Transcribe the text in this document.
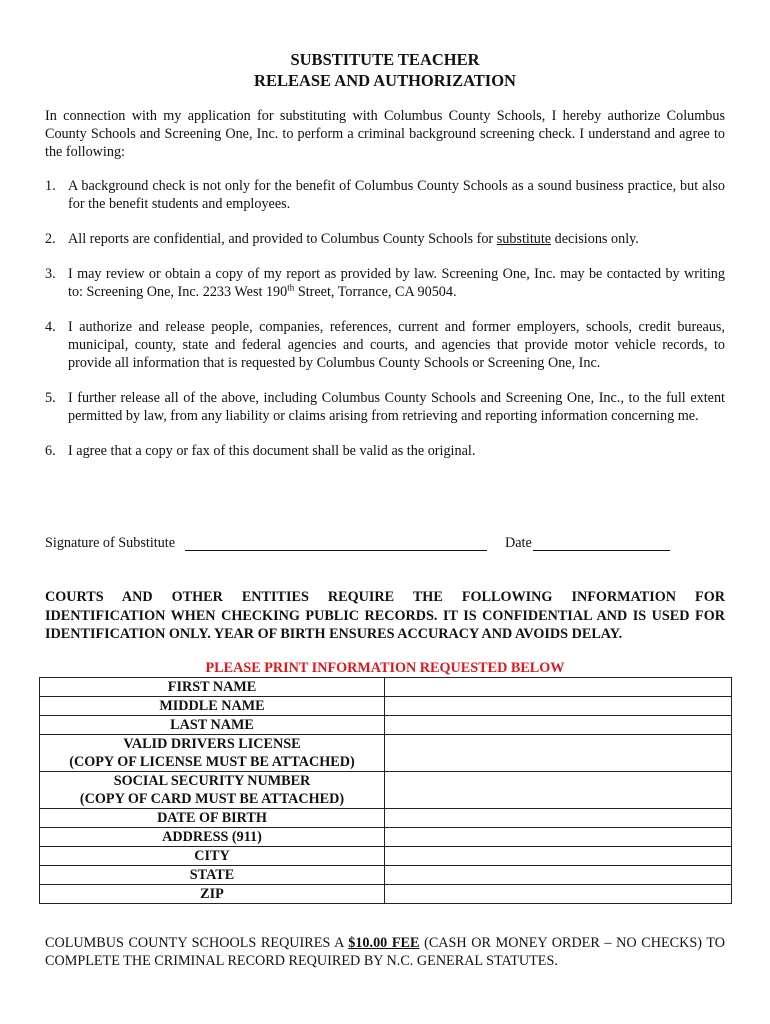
SUBSTITUTE TEACHER
RELEASE AND AUTHORIZATION

In connection with my application for substituting with Columbus County Schools, I hereby authorize Columbus County Schools and Screening One, Inc. to perform a criminal background screening check. I understand and agree to the following:

1. A background check is not only for the benefit of Columbus County Schools as a sound business practice, but also for the benefit students and employees.
2. All reports are confidential, and provided to Columbus County Schools for substitute decisions only.
3. I may review or obtain a copy of my report as provided by law. Screening One, Inc. may be contacted by writing to: Screening One, Inc. 2233 West 190th Street, Torrance, CA 90504.
4. I authorize and release people, companies, references, current and former employers, schools, credit bureaus, municipal, county, state and federal agencies and courts, and agencies that provide motor vehicle records, to provide all information that is requested by Columbus County Schools or Screening One, Inc.
5. I further release all of the above, including Columbus County Schools and Screening One, Inc., to the full extent permitted by law, from any liability or claims arising from retrieving and reporting information concerning me.
6. I agree that a copy or fax of this document shall be valid as the original.
Signature of Substitute	Date
COURTS AND OTHER ENTITIES REQUIRE THE FOLLOWING INFORMATION FOR IDENTIFICATION WHEN CHECKING PUBLIC RECORDS. IT IS CONFIDENTIAL AND IS USED FOR IDENTIFICATION ONLY. YEAR OF BIRTH ENSURES ACCURACY AND AVOIDS DELAY.
PLEASE PRINT INFORMATION REQUESTED BELOW
FIRST NAME	
MIDDLE NAME	
LAST NAME	

VALID DRIVERS LICENSE
(COPY OF LICENSE MUST BE ATTACHED)	

SOCIAL SECURITY NUMBER
(COPY OF CARD MUST BE ATTACHED)	

DATE OF BIRTH	
ADDRESS (911)	
CITY	
STATE	
ZIP	
COLUMBUS COUNTY SCHOOLS REQUIRES A $10.00 FEE (CASH OR MONEY ORDER – NO CHECKS) TO COMPLETE THE CRIMINAL RECORD REQUIRED BY N.C. GENERAL STATUTES.
